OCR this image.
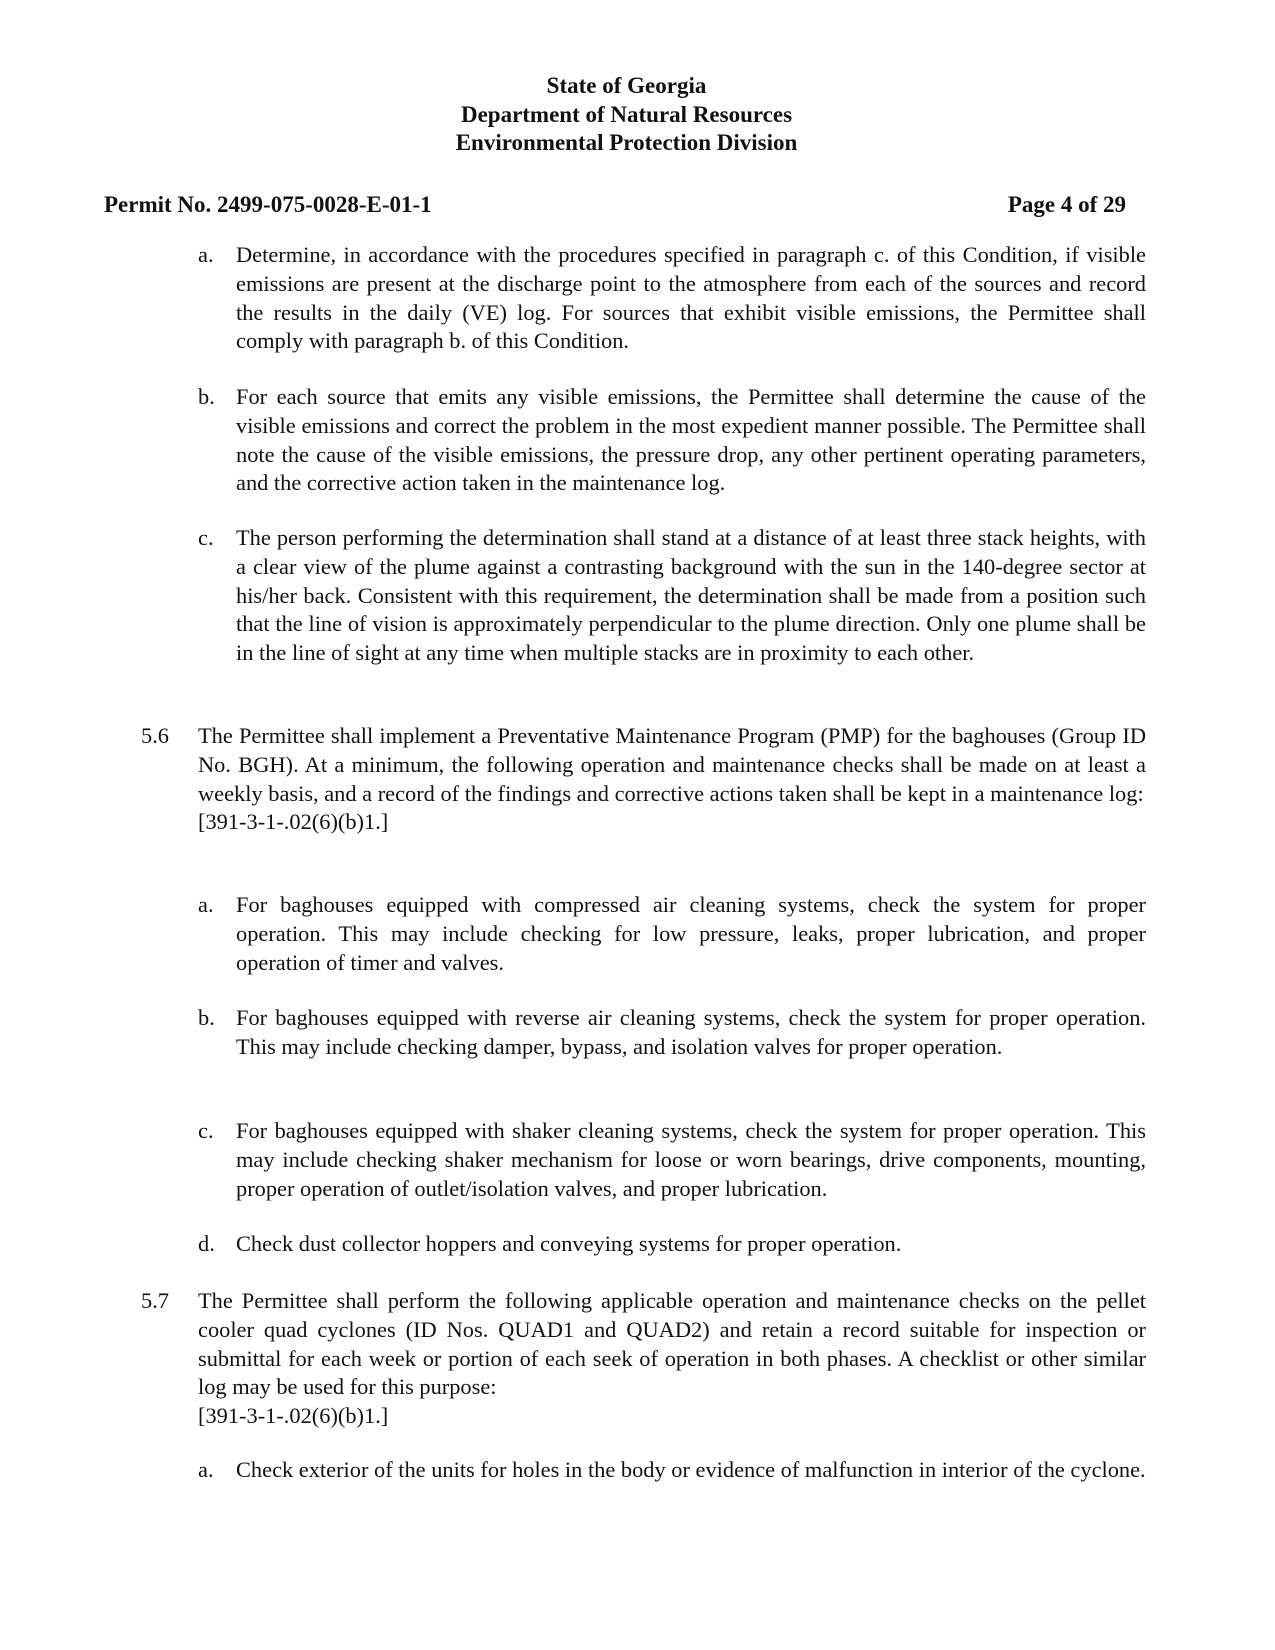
State of Georgia
Department of Natural Resources
Environmental Protection Division
Permit No. 2499-075-0028-E-01-1	Page 4 of 29
a. Determine, in accordance with the procedures specified in paragraph c. of this Condition, if visible emissions are present at the discharge point to the atmosphere from each of the sources and record the results in the daily (VE) log. For sources that exhibit visible emissions, the Permittee shall comply with paragraph b. of this Condition.
b. For each source that emits any visible emissions, the Permittee shall determine the cause of the visible emissions and correct the problem in the most expedient manner possible. The Permittee shall note the cause of the visible emissions, the pressure drop, any other pertinent operating parameters, and the corrective action taken in the maintenance log.
c. The person performing the determination shall stand at a distance of at least three stack heights, with a clear view of the plume against a contrasting background with the sun in the 140-degree sector at his/her back. Consistent with this requirement, the determination shall be made from a position such that the line of vision is approximately perpendicular to the plume direction. Only one plume shall be in the line of sight at any time when multiple stacks are in proximity to each other.
5.6 The Permittee shall implement a Preventative Maintenance Program (PMP) for the baghouses (Group ID No. BGH). At a minimum, the following operation and maintenance checks shall be made on at least a weekly basis, and a record of the findings and corrective actions taken shall be kept in a maintenance log:
[391-3-1-.02(6)(b)1.]
a. For baghouses equipped with compressed air cleaning systems, check the system for proper operation. This may include checking for low pressure, leaks, proper lubrication, and proper operation of timer and valves.
b. For baghouses equipped with reverse air cleaning systems, check the system for proper operation. This may include checking damper, bypass, and isolation valves for proper operation.
c. For baghouses equipped with shaker cleaning systems, check the system for proper operation. This may include checking shaker mechanism for loose or worn bearings, drive components, mounting, proper operation of outlet/isolation valves, and proper lubrication.
d. Check dust collector hoppers and conveying systems for proper operation.
5.7 The Permittee shall perform the following applicable operation and maintenance checks on the pellet cooler quad cyclones (ID Nos. QUAD1 and QUAD2) and retain a record suitable for inspection or submittal for each week or portion of each seek of operation in both phases. A checklist or other similar log may be used for this purpose:
[391-3-1-.02(6)(b)1.]
a. Check exterior of the units for holes in the body or evidence of malfunction in interior of the cyclone.
